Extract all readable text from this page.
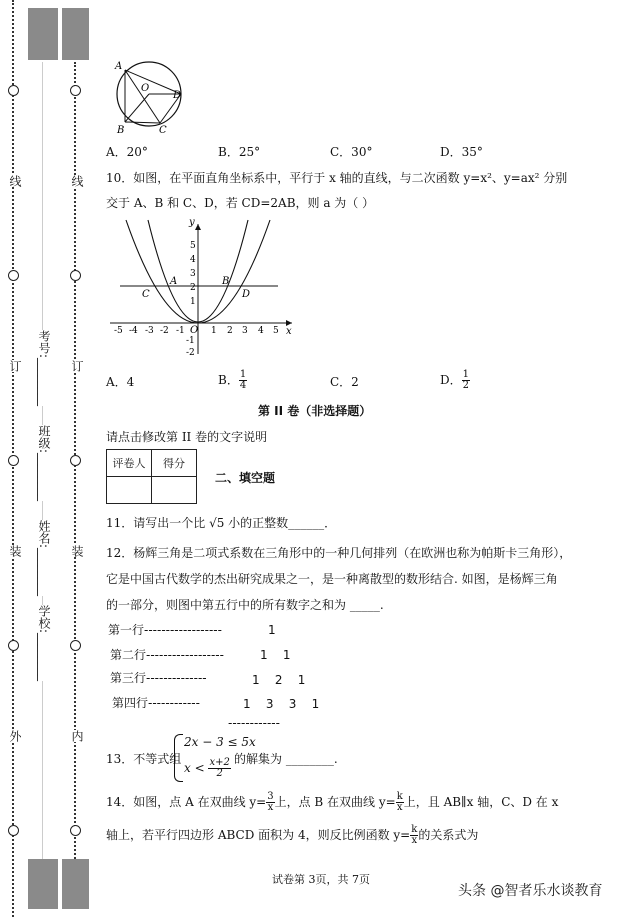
线
订
装
外
考号:________
班级:________
姓名:________
学校:________
线
订
装
内
A
O
D
B	C
A．20°	B．25°	C．30°	D．35°
10．如图，在平面直角坐标系中，平行于 x 轴的直线，与二次函数 y=x²、y=ax² 分别
交于 A、B 和 C、D，若 CD=2AB，则 a 为（ ）
y
x
O
-5 -4 -3 -2 -1	1 2 3 4 5
5
4
3
2
1
-1
-2
A	B
C	D
A．4	B． $\frac{1}{4}$	C．2	D． $\frac{1}{2}$
第 II 卷（非选择题）
请点击修改第 II 卷的文字说明
评卷人	得分

二、填空题
11．请写出一个比 √5 小的正整数______．
12．杨辉三角是二项式系数在三角形中的一种几何排列（在欧洲也称为帕斯卡三角形），
它是中国古代数学的杰出研究成果之一，是一种离散型的数形结合. 如图，是杨辉三角
的一部分，则图中第五行中的所有数字之和为 _____.
第一行------------------	1
第二行------------------	1    1
第三行--------------	1    2    1
第四行------------	1    3    3    1
------------
13．不等式组
2x − 3 ≤ 5x
$x < \frac{x+2}{2}$ 的解集为 ________.
14．如图，点 A 在双曲线 $y= \frac{3}{x}$ 上，点 B 在双曲线 $y= \frac{k}{x}$ 上，且 AB∥x 轴，C、D 在 x
轴上，若平行四边形 ABCD 面积为 4，则反比例函数 $y= \frac{k}{x}$ 的关系式为
试卷第 3页，共 7页
头条 @智者乐水谈教育
